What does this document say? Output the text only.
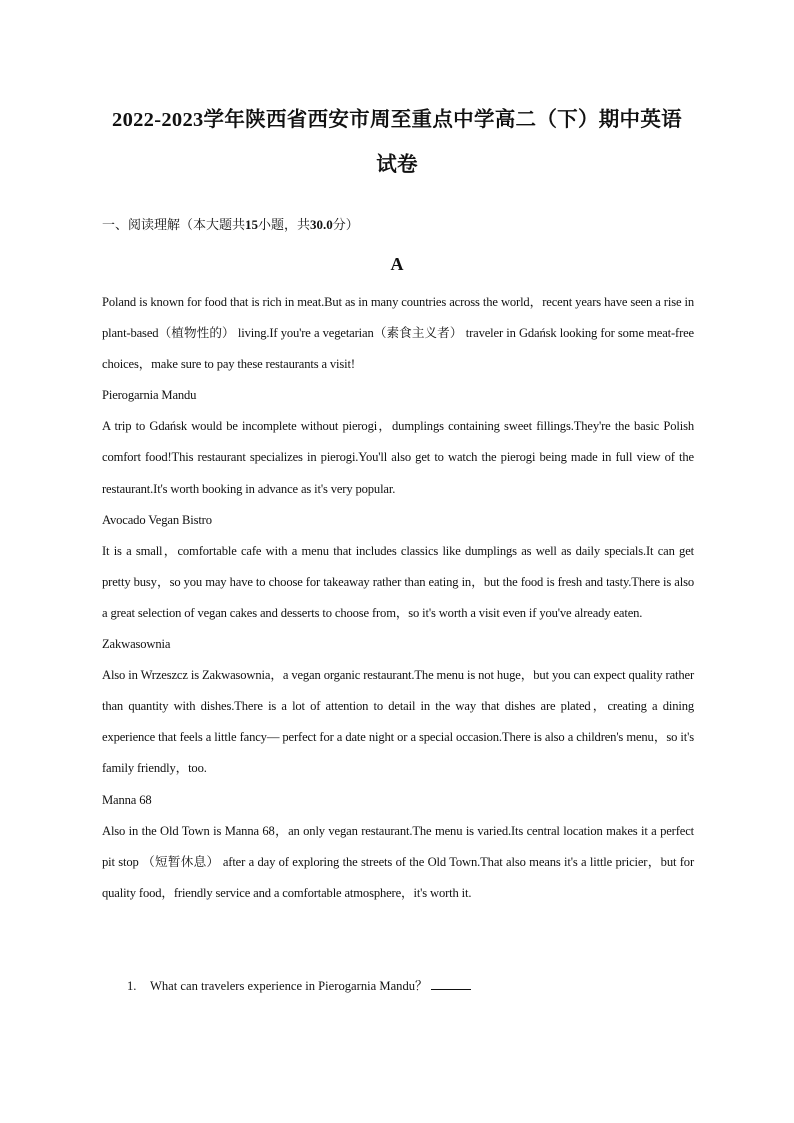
2022-2023学年陕西省西安市周至重点中学高二（下）期中英语
试卷
一、阅读理解（本大题共15小题，共30.0分）
A

Poland is known for food that is rich in meat.But as in many countries across the world，recent years have seen a rise in plant-based（植物性的） living.If you're a vegetarian（素食主义者） traveler in Gdańsk looking for some meat-free choices，make sure to pay these restaurants a visit!

Pierogarnia Mandu

A trip to Gdańsk would be incomplete without pierogi，dumplings containing sweet fillings.They're the basic Polish comfort food!This restaurant specializes in pierogi.You'll also get to watch the pierogi being made in full view of the restaurant.It's worth booking in advance as it's very popular.

Avocado Vegan Bistro

It is a small，comfortable cafe with a menu that includes classics like dumplings as well as daily specials.It can get pretty busy，so you may have to choose for takeaway rather than eating in，but the food is fresh and tasty.There is also a great selection of vegan cakes and desserts to choose from，so it's worth a visit even if you've already eaten.

Zakwasownia

Also in Wrzeszcz is Zakwasownia，a vegan organic restaurant.The menu is not huge，but you can expect quality rather than quantity with dishes.There is a lot of attention to detail in the way that dishes are plated，creating a dining experience that feels a little fancy— perfect for a date night or a special occasion.There is also a children's menu，so it's family friendly，too.

Manna 68

Also in the Old Town is Manna 68，an only vegan restaurant.The menu is varied.Its central location makes it a perfect pit stop （短暂休息） after a day of exploring the streets of the Old Town.That also means it's a little pricier，but for quality food，friendly service and a comfortable atmosphere，it's worth it.

1. What can travelers experience in Pierogarnia Mandu？
